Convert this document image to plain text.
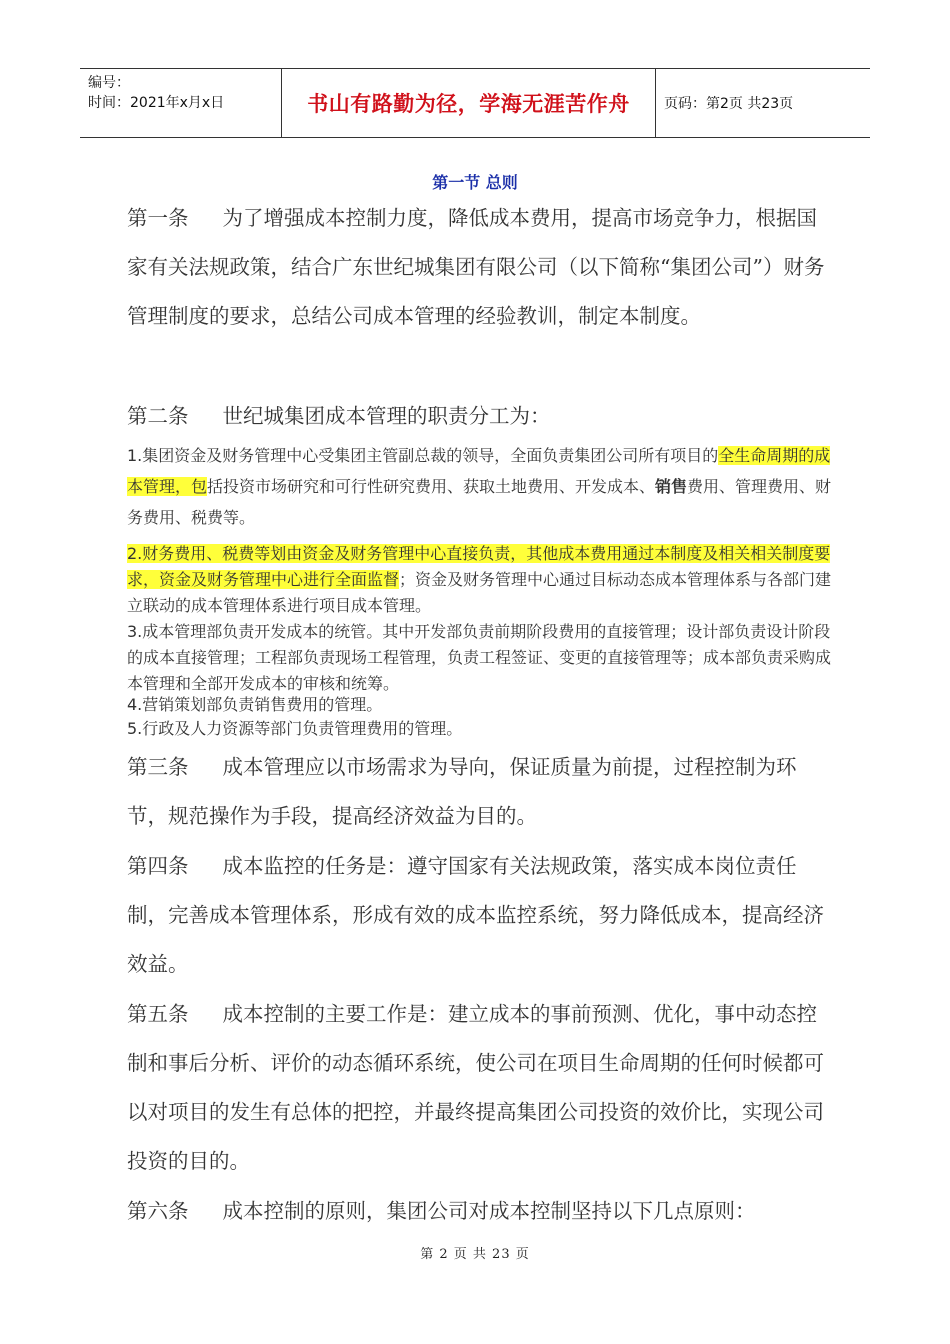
编号：
时间：2021年x月x日	书山有路勤为径，学海无涯苦作舟	页码：第2页 共23页
第一节 总则

第一条 为了增强成本控制力度，降低成本费用，提高市场竞争力，根据国家有关法规政策，结合广东世纪城集团有限公司（以下简称“集团公司”）财务管理制度的要求，总结公司成本管理的经验教训，制定本制度。

第二条 世纪城集团成本管理的职责分工为：

1.集团资金及财务管理中心受集团主管副总裁的领导，全面负责集团公司所有项目的全生命周期的成本管理，包括投资市场研究和可行性研究费用、获取土地费用、开发成本、销售费用、管理费用、财务费用、税费等。

2.财务费用、税费等划由资金及财务管理中心直接负责，其他成本费用通过本制度及相关相关制度要求，资金及财务管理中心进行全面监督；资金及财务管理中心通过目标动态成本管理体系与各部门建立联动的成本管理体系进行项目成本管理。

3.成本管理部负责开发成本的统管。其中开发部负责前期阶段费用的直接管理；设计部负责设计阶段的成本直接管理；工程部负责现场工程管理，负责工程签证、变更的直接管理等；成本部负责采购成本管理和全部开发成本的审核和统筹。

4.营销策划部负责销售费用的管理。

5.行政及人力资源等部门负责管理费用的管理。

第三条 成本管理应以市场需求为导向，保证质量为前提，过程控制为环节，规范操作为手段，提高经济效益为目的。

第四条 成本监控的任务是：遵守国家有关法规政策，落实成本岗位责任制，完善成本管理体系，形成有效的成本监控系统，努力降低成本，提高经济效益。

第五条 成本控制的主要工作是：建立成本的事前预测、优化，事中动态控制和事后分析、评价的动态循环系统，使公司在项目生命周期的任何时候都可以对项目的发生有总体的把控，并最终提高集团公司投资的效价比，实现公司投资的目的。

第六条 成本控制的原则，集团公司对成本控制坚持以下几点原则：

第 2 页 共 23 页
